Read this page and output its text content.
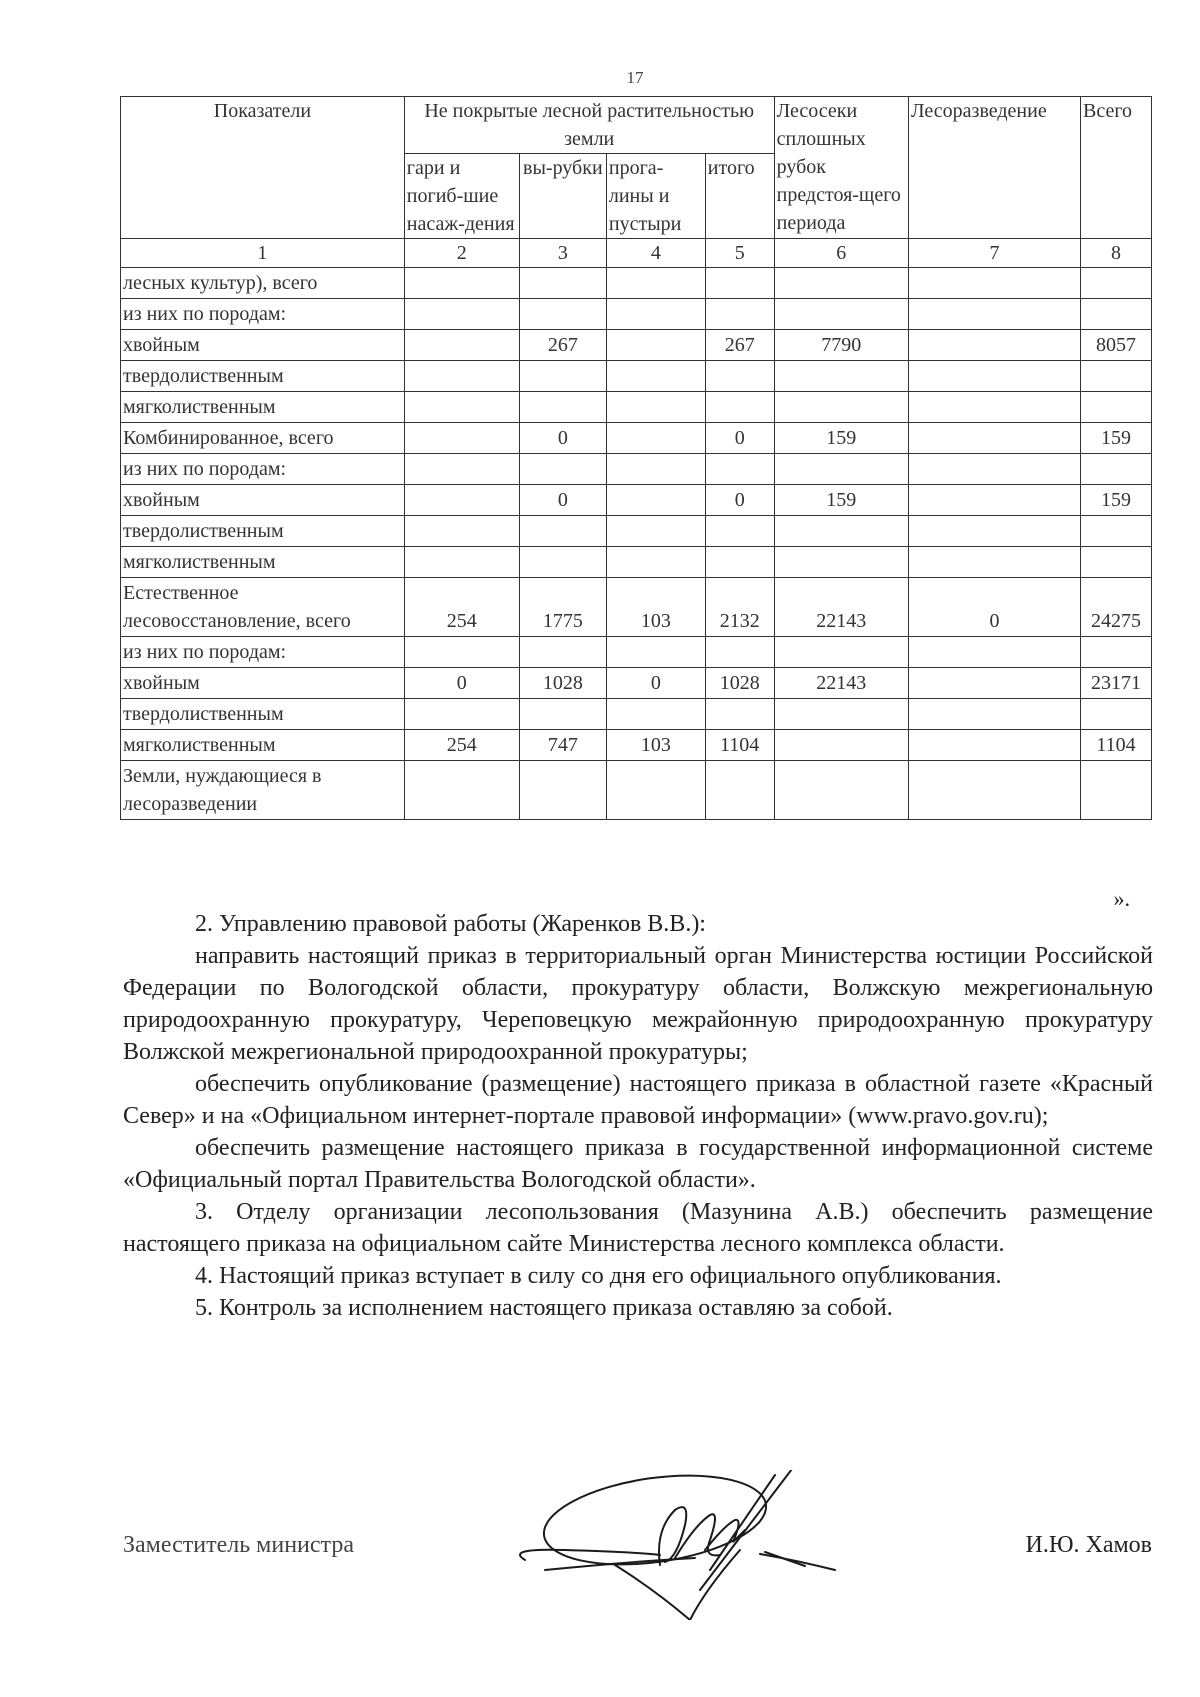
17
Показатели	Не покрытые лесной растительностью земли				Лесосеки сплошных рубок предстоя-щего периода	Лесоразведение	Всего
	гари и погиб-шие насаж-дения	вы-рубки	прога-лины и пустыри	итого			
1	2	3	4	5	6	7	8
лесных культур), всего							
из них по породам:							
хвойным		267		267	7790		8057
твердолиственным							
мягколиственным							
Комбинированное, всего		0		0	159		159
из них по породам:							
хвойным		0		0	159		159
твердолиственным							
мягколиственным							
Естественное лесовосстановление, всего	254	1775	103	2132	22143	0	24275
из них по породам:							
хвойным	0	1028	0	1028	22143		23171
твердолиственным							
мягколиственным	254	747	103	1104			1104
Земли, нуждающиеся в лесоразведении							
».

2. Управлению правовой работы (Жаренков В.В.):

направить настоящий приказ в территориальный орган Министерства юстиции Российской Федерации по Вологодской области, прокуратуру области, Волжскую межрегиональную природоохранную прокуратуру, Череповецкую межрайонную природоохранную прокуратуру Волжской межрегиональной природоохранной прокуратуры;

обеспечить опубликование (размещение) настоящего приказа в областной газете «Красный Север» и на «Официальном интернет-портале правовой информации» (www.pravo.gov.ru);

обеспечить размещение настоящего приказа в государственной информационной системе «Официальный портал Правительства Вологодской области».

3. Отделу организации лесопользования (Мазунина А.В.) обеспечить размещение настоящего приказа на официальном сайте Министерства лесного комплекса области.

4. Настоящий приказ вступает в силу со дня его официального опубликования.

5. Контроль за исполнением настоящего приказа оставляю за собой.

Заместитель министра	И.Ю. Хамов
